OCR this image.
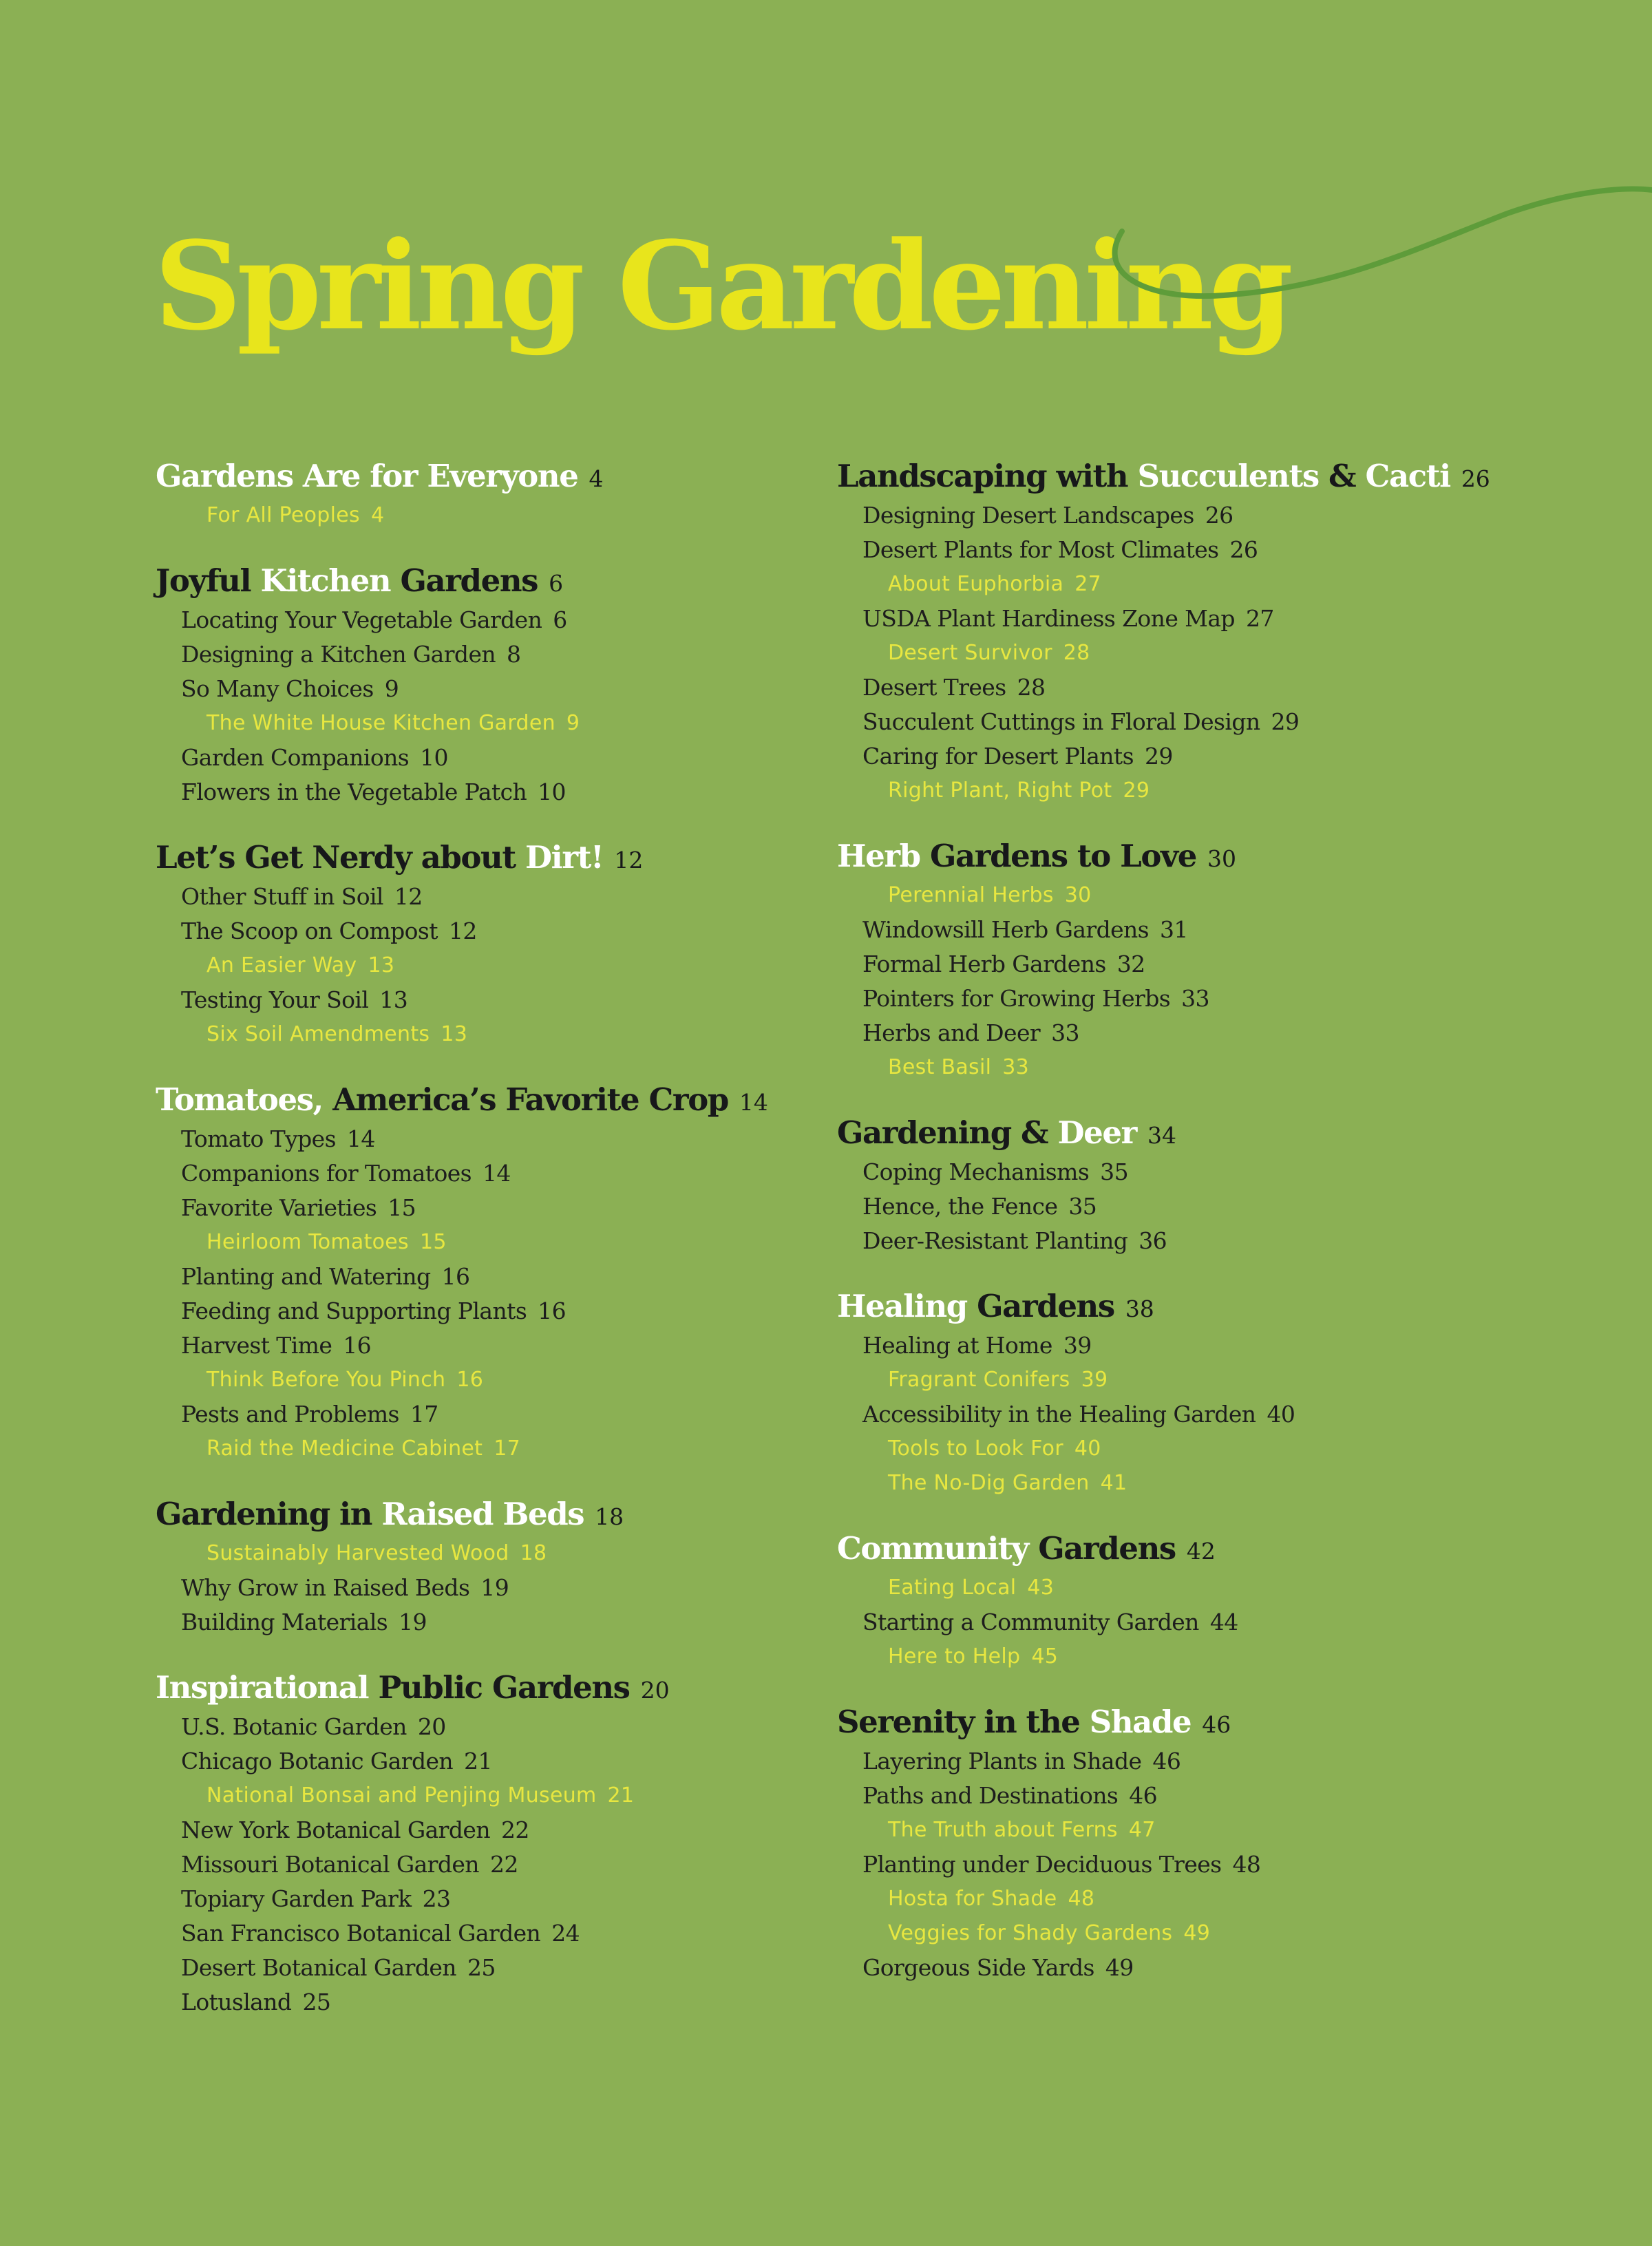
Spring Gardening
Gardens Are for Everyone 4
For All Peoples 4
Joyful Kitchen Gardens 6
Locating Your Vegetable Garden 6
Designing a Kitchen Garden 8
So Many Choices 9
The White House Kitchen Garden 9
Garden Companions 10
Flowers in the Vegetable Patch 10
Let’s Get Nerdy about Dirt! 12
Other Stuff in Soil 12
The Scoop on Compost 12
An Easier Way 13
Testing Your Soil 13
Six Soil Amendments 13
Tomatoes, America’s Favorite Crop 14
Tomato Types 14
Companions for Tomatoes 14
Favorite Varieties 15
Heirloom Tomatoes 15
Planting and Watering 16
Feeding and Supporting Plants 16
Harvest Time 16
Think Before You Pinch 16
Pests and Problems 17
Raid the Medicine Cabinet 17
Gardening in Raised Beds 18
Sustainably Harvested Wood 18
Why Grow in Raised Beds 19
Building Materials 19
Inspirational Public Gardens 20
U.S. Botanic Garden 20
Chicago Botanic Garden 21
National Bonsai and Penjing Museum 21
New York Botanical Garden 22
Missouri Botanical Garden 22
Topiary Garden Park 23
San Francisco Botanical Garden 24
Desert Botanical Garden 25
Lotusland 25
Landscaping with Succulents & Cacti 26
Designing Desert Landscapes 26
Desert Plants for Most Climates 26
About Euphorbia 27
USDA Plant Hardiness Zone Map 27
Desert Survivor 28
Desert Trees 28
Succulent Cuttings in Floral Design 29
Caring for Desert Plants 29
Right Plant, Right Pot 29
Herb Gardens to Love 30
Perennial Herbs 30
Windowsill Herb Gardens 31
Formal Herb Gardens 32
Pointers for Growing Herbs 33
Herbs and Deer 33
Best Basil 33
Gardening & Deer 34
Coping Mechanisms 35
Hence, the Fence 35
Deer-Resistant Planting 36
Healing Gardens 38
Healing at Home 39
Fragrant Conifers 39
Accessibility in the Healing Garden 40
Tools to Look For 40
The No-Dig Garden 41
Community Gardens 42
Eating Local 43
Starting a Community Garden 44
Here to Help 45
Serenity in the Shade 46
Layering Plants in Shade 46
Paths and Destinations 46
The Truth about Ferns 47
Planting under Deciduous Trees 48
Hosta for Shade 48
Veggies for Shady Gardens 49
Gorgeous Side Yards 49
